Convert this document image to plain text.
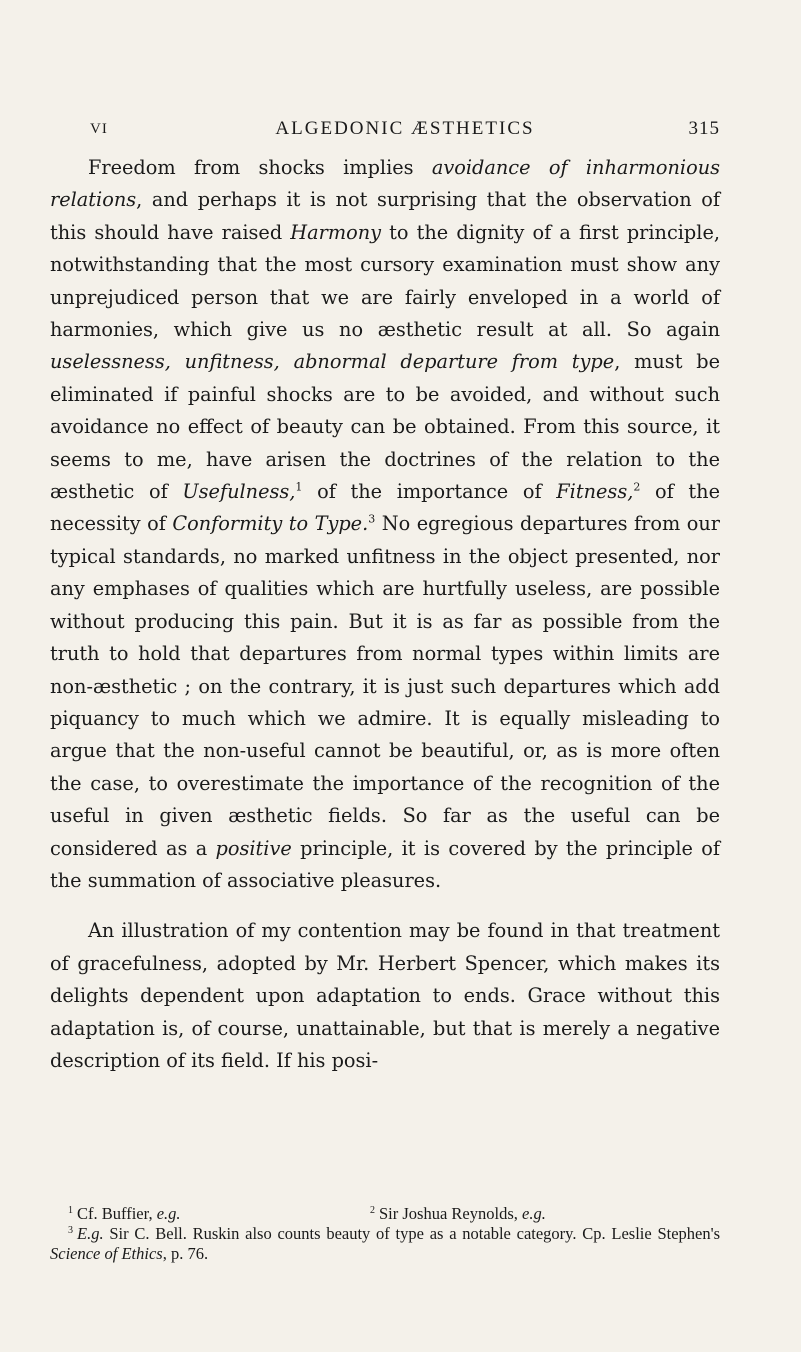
VI	ALGEDONIC ÆSTHETICS	315

Freedom from shocks implies avoidance of inharmonious relations, and perhaps it is not surprising that the observation of this should have raised Harmony to the dignity of a first principle, notwithstanding that the most cursory examination must show any unprejudiced person that we are fairly enveloped in a world of harmonies, which give us no æsthetic result at all. So again uselessness, unfitness, abnormal departure from type, must be eliminated if painful shocks are to be avoided, and without such avoidance no effect of beauty can be obtained. From this source, it seems to me, have arisen the doctrines of the relation to the æsthetic of Usefulness,$^1$ of the importance of Fitness,$^2$ of the necessity of Conformity to Type.$^3$ No egregious departures from our typical standards, no marked unfitness in the object presented, nor any emphases of qualities which are hurtfully useless, are possible without producing this pain. But it is as far as possible from the truth to hold that departures from normal types within limits are non-æsthetic ; on the contrary, it is just such departures which add piquancy to much which we admire. It is equally misleading to argue that the non-useful cannot be beautiful, or, as is more often the case, to overestimate the importance of the recognition of the useful in given æsthetic fields. So far as the useful can be considered as a positive principle, it is covered by the principle of the summation of associative pleasures.

An illustration of my contention may be found in that treatment of gracefulness, adopted by Mr. Herbert Spencer, which makes its delights dependent upon adaptation to ends. Grace without this adaptation is, of course, unattainable, but that is merely a negative description of its field. If his posi-

$^1$ Cf. Buffier, e.g.	$^2$ Sir Joshua Reynolds, e.g.
$^3$ E.g. Sir C. Bell. Ruskin also counts beauty of type as a notable category. Cp. Leslie Stephen's Science of Ethics, p. 76.
